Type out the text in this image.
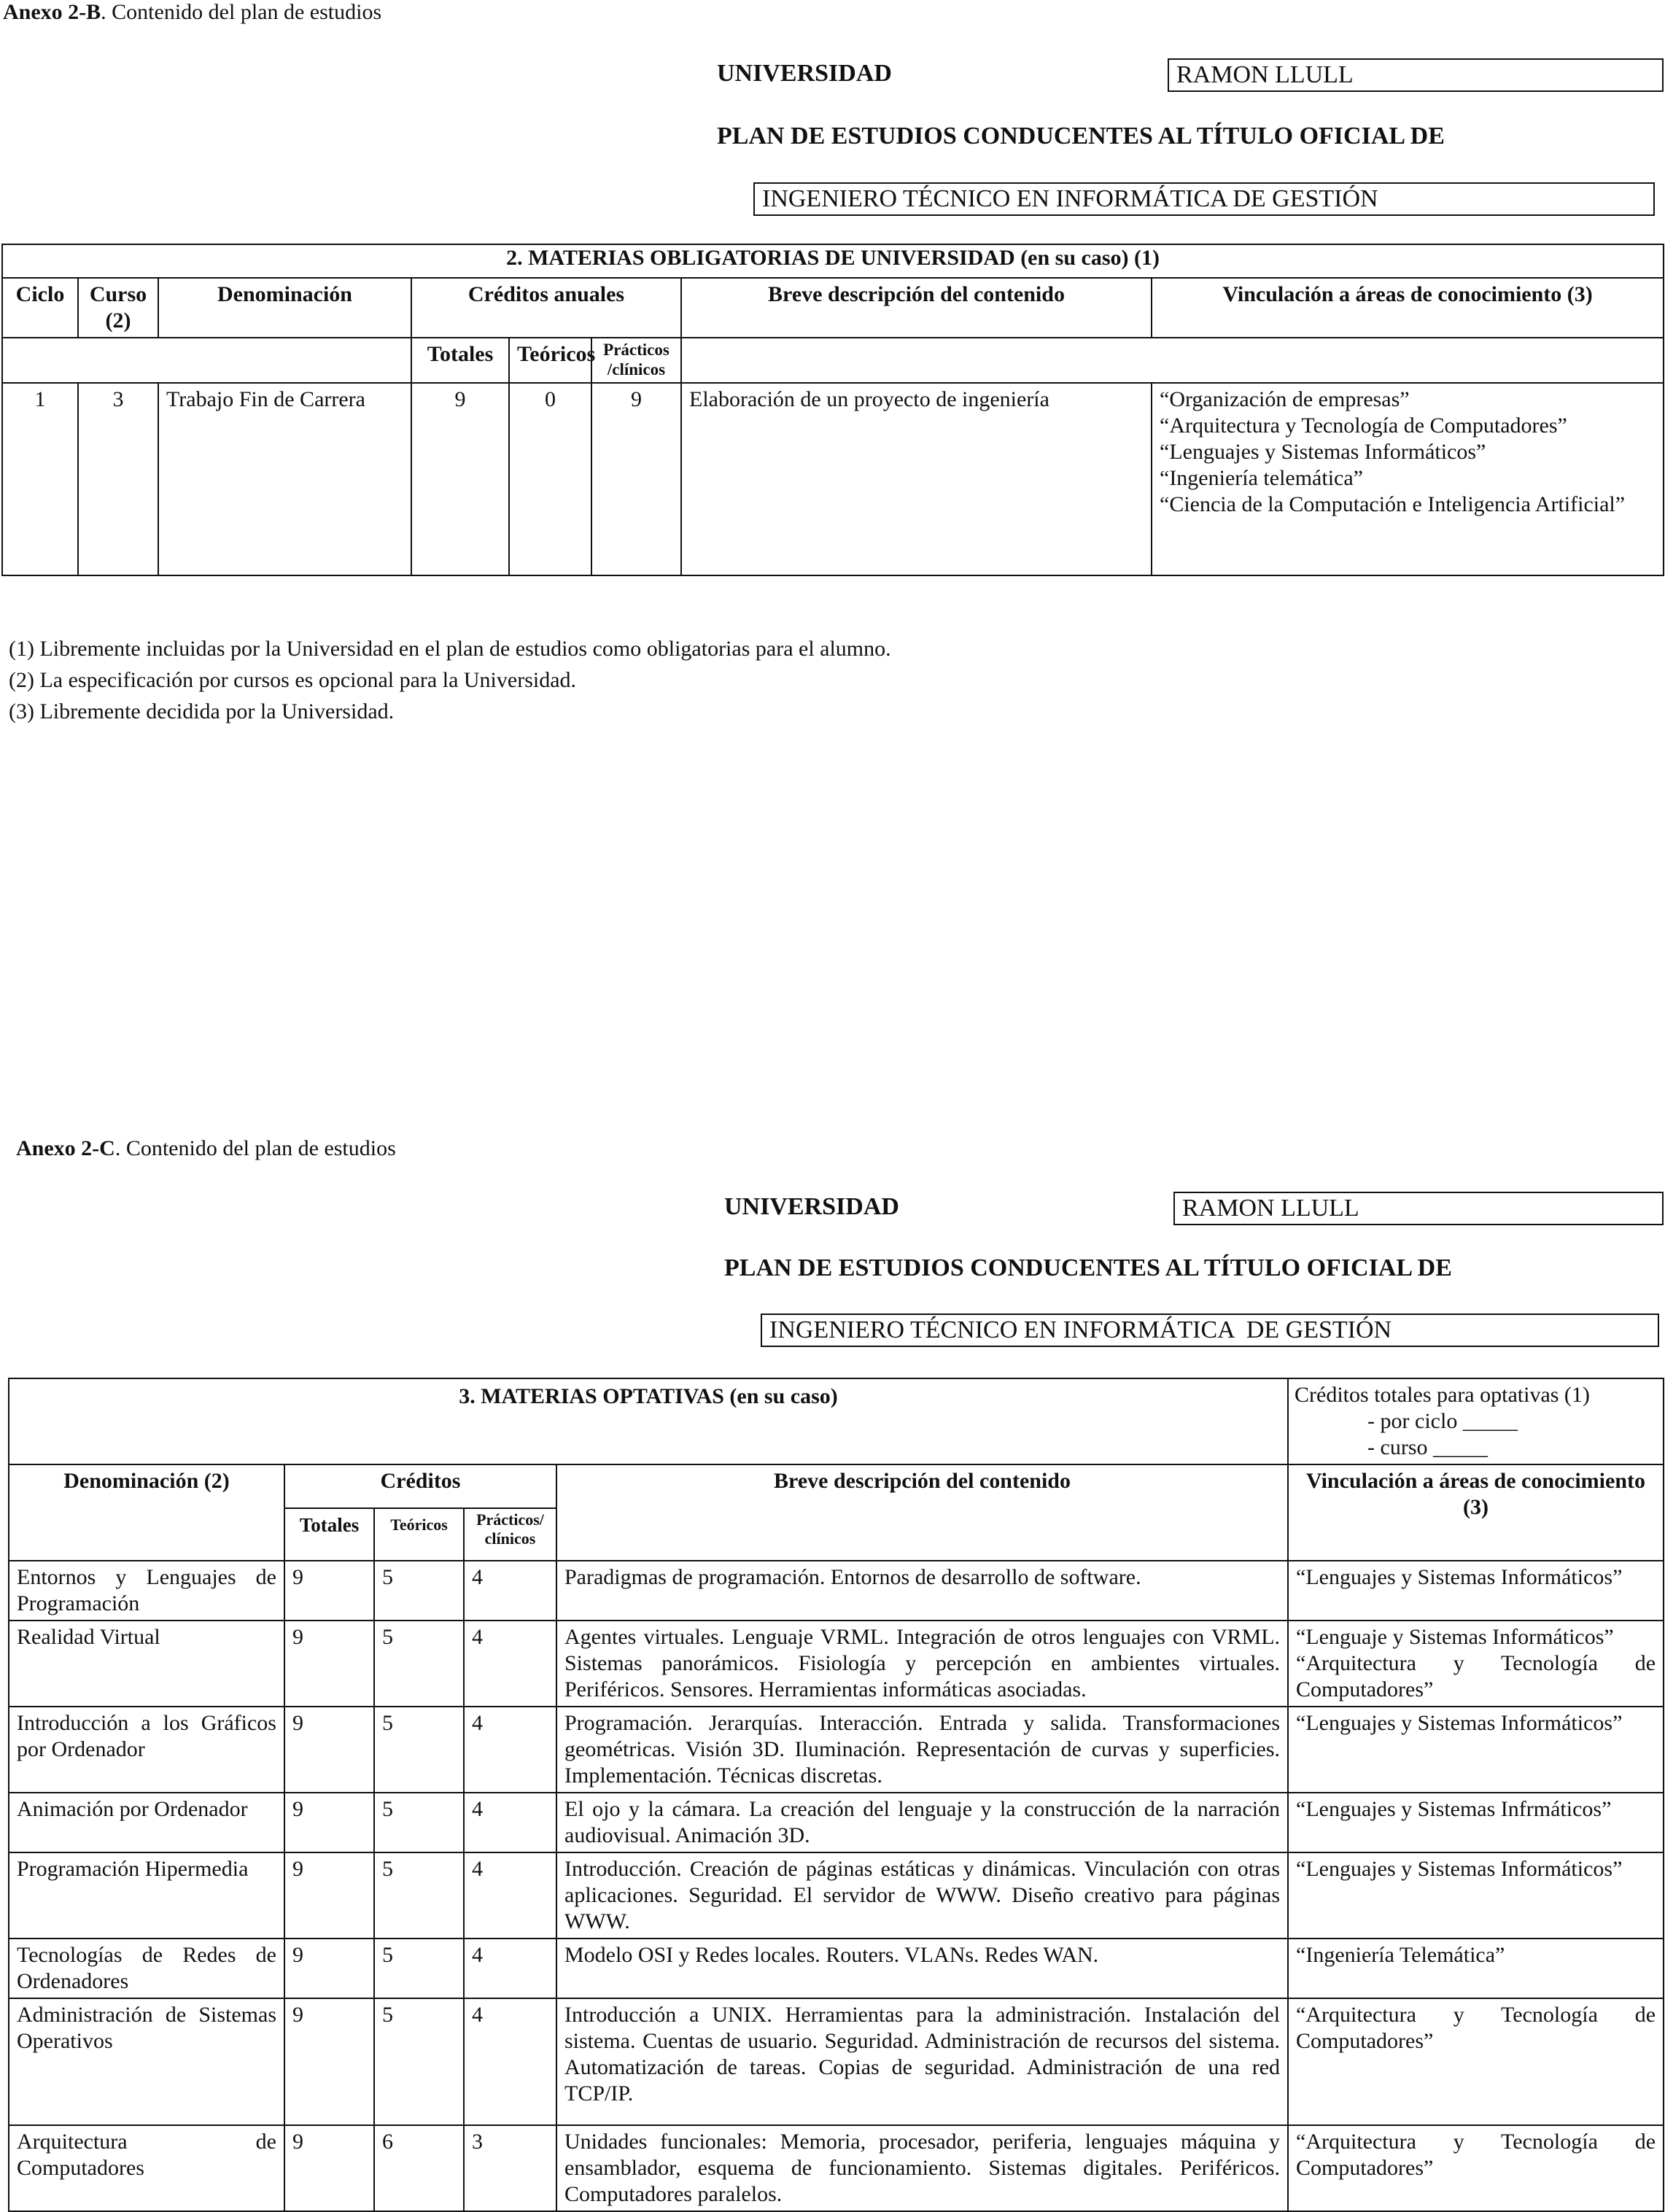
Anexo 2-B. Contenido del plan de estudios
UNIVERSIDAD	RAMON LLULL
PLAN DE ESTUDIOS CONDUCENTES AL TÍTULO OFICIAL DE
INGENIERO TÉCNICO EN INFORMÁTICA DE GESTIÓN
2. MATERIAS OBLIGATORIAS DE UNIVERSIDAD (en su caso) (1)							
Ciclo	Curso (2)	Denominación	Créditos anuales			Breve descripción del contenido	Vinculación a áreas de conocimiento (3)
			Totales	Teóricos	Prácticos /clínicos		
1	3	Trabajo Fin de Carrera	9	0	9	Elaboración de un proyecto de ingeniería	“Organización de empresas”
“Arquitectura y Tecnología de Computadores”
“Lenguajes y Sistemas Informáticos”
“Ingeniería telemática”
“Ciencia de la Computación e Inteligencia Artificial”
(1) Libremente incluidas por la Universidad en el plan de estudios como obligatorias para el alumno.
(2) La especificación por cursos es opcional para la Universidad.
(3) Libremente decidida por la Universidad.
Anexo 2-C. Contenido del plan de estudios
UNIVERSIDAD	RAMON LLULL
PLAN DE ESTUDIOS CONDUCENTES AL TÍTULO OFICIAL DE
INGENIERO TÉCNICO EN INFORMÁTICA  DE GESTIÓN
3. MATERIAS OPTATIVAS (en su caso)					Créditos totales para optativas (1)
- por ciclo _____
- curso _____

Denominación (2)	Créditos			Breve descripción del contenido	Vinculación a áreas de conocimiento (3)
	Totales	Teóricos	Prácticos/ clínicos		
Entornos y Lenguajes de Programación	9	5	4	Paradigmas de programación. Entornos de desarrollo de software.	“Lenguajes y Sistemas Informáticos”

Realidad Virtual	9	5	4	Agentes virtuales. Lenguaje VRML. Integración de otros lenguajes con VRML. Sistemas panorámicos. Fisiología y percepción en ambientes virtuales. Periféricos. Sensores. Herramientas informáticas asociadas.	“Lenguaje y Sistemas Informáticos”
“Arquitectura y Tecnología de Computadores”

Introducción a los Gráficos por Ordenador	9	5	4	Programación. Jerarquías. Interacción. Entrada y salida. Transformaciones geométricas. Visión 3D. Iluminación. Representación de curvas y superficies. Implementación. Técnicas discretas.	“Lenguajes y Sistemas Informáticos”

Animación por Ordenador	9	5	4	El ojo y la cámara. La creación del lenguaje y la construcción de la narración audiovisual. Animación 3D.	“Lenguajes y Sistemas Infrmáticos”

Programación Hipermedia	9	5	4	Introducción. Creación de páginas estáticas y dinámicas. Vinculación con otras aplicaciones. Seguridad. El servidor de WWW. Diseño creativo para páginas WWW.	“Lenguajes y Sistemas Informáticos”

Tecnologías de Redes de Ordenadores	9	5	4	Modelo OSI y Redes locales. Routers. VLANs. Redes WAN.	“Ingeniería Telemática”

Administración de Sistemas Operativos	9	5	4	Introducción a UNIX. Herramientas para la administración. Instalación del sistema. Cuentas de usuario. Seguridad. Administración de recursos del sistema. Automatización de tareas. Copias de seguridad. Administración de una red TCP/IP.	“Arquitectura y Tecnología de Computadores”

Arquitectura de Computadores	9	6	3	Unidades funcionales: Memoria, procesador, periferia, lenguajes máquina y ensamblador, esquema de funcionamiento. Sistemas digitales. Periféricos. Computadores paralelos.	“Arquitectura y Tecnología de Computadores”
